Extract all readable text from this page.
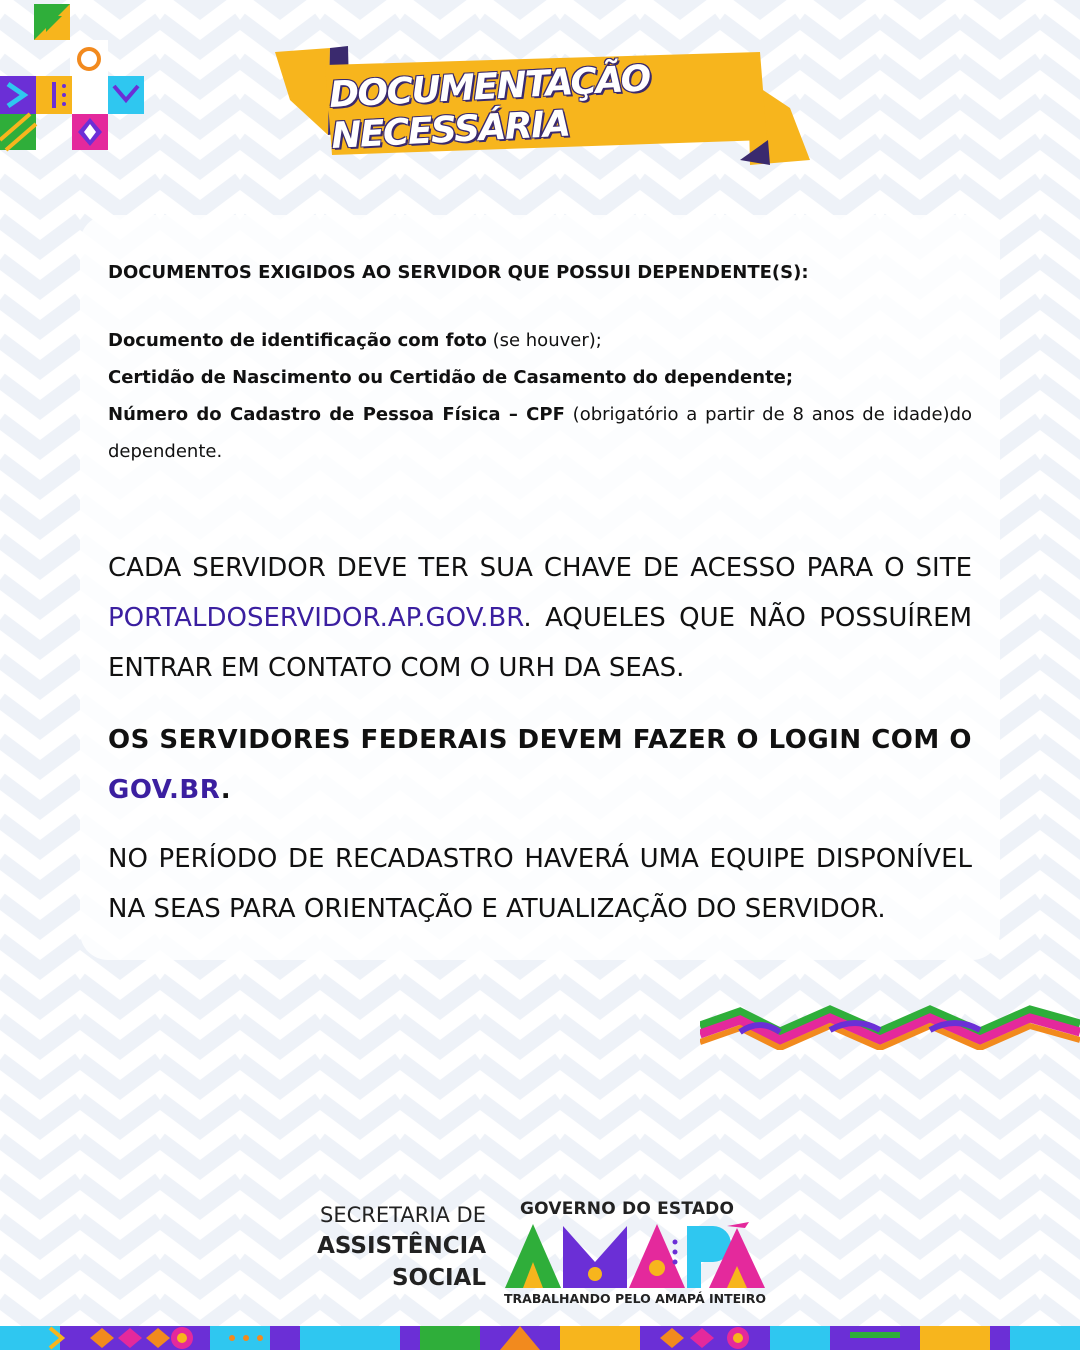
DOCUMENTAÇÃO NECESSÁRIA
DOCUMENTOS EXIGIDOS AO SERVIDOR QUE POSSUI DEPENDENTE(S):

Documento de identificação com foto (se houver);

Certidão de Nascimento ou Certidão de Casamento do dependente;

Número do Cadastro de Pessoa Física – CPF (obrigatório a partir de 8 anos de idade)do dependente.

CADA SERVIDOR DEVE TER SUA CHAVE DE ACESSO PARA O SITE PORTALDOSERVIDOR.AP.GOV.BR. AQUELES QUE NÃO POSSUÍREM ENTRAR EM CONTATO COM O URH DA SEAS.

OS SERVIDORES FEDERAIS DEVEM FAZER O LOGIN COM O GOV.BR.

NO PERÍODO DE RECADASTRO HAVERÁ UMA EQUIPE DISPONÍVEL NA SEAS PARA ORIENTAÇÃO E ATUALIZAÇÃO DO SERVIDOR.

SECRETARIA DE
ASSISTÊNCIA
SOCIAL
GOVERNO DO ESTADO
TRABALHANDO PELO AMAPÁ INTEIRO
